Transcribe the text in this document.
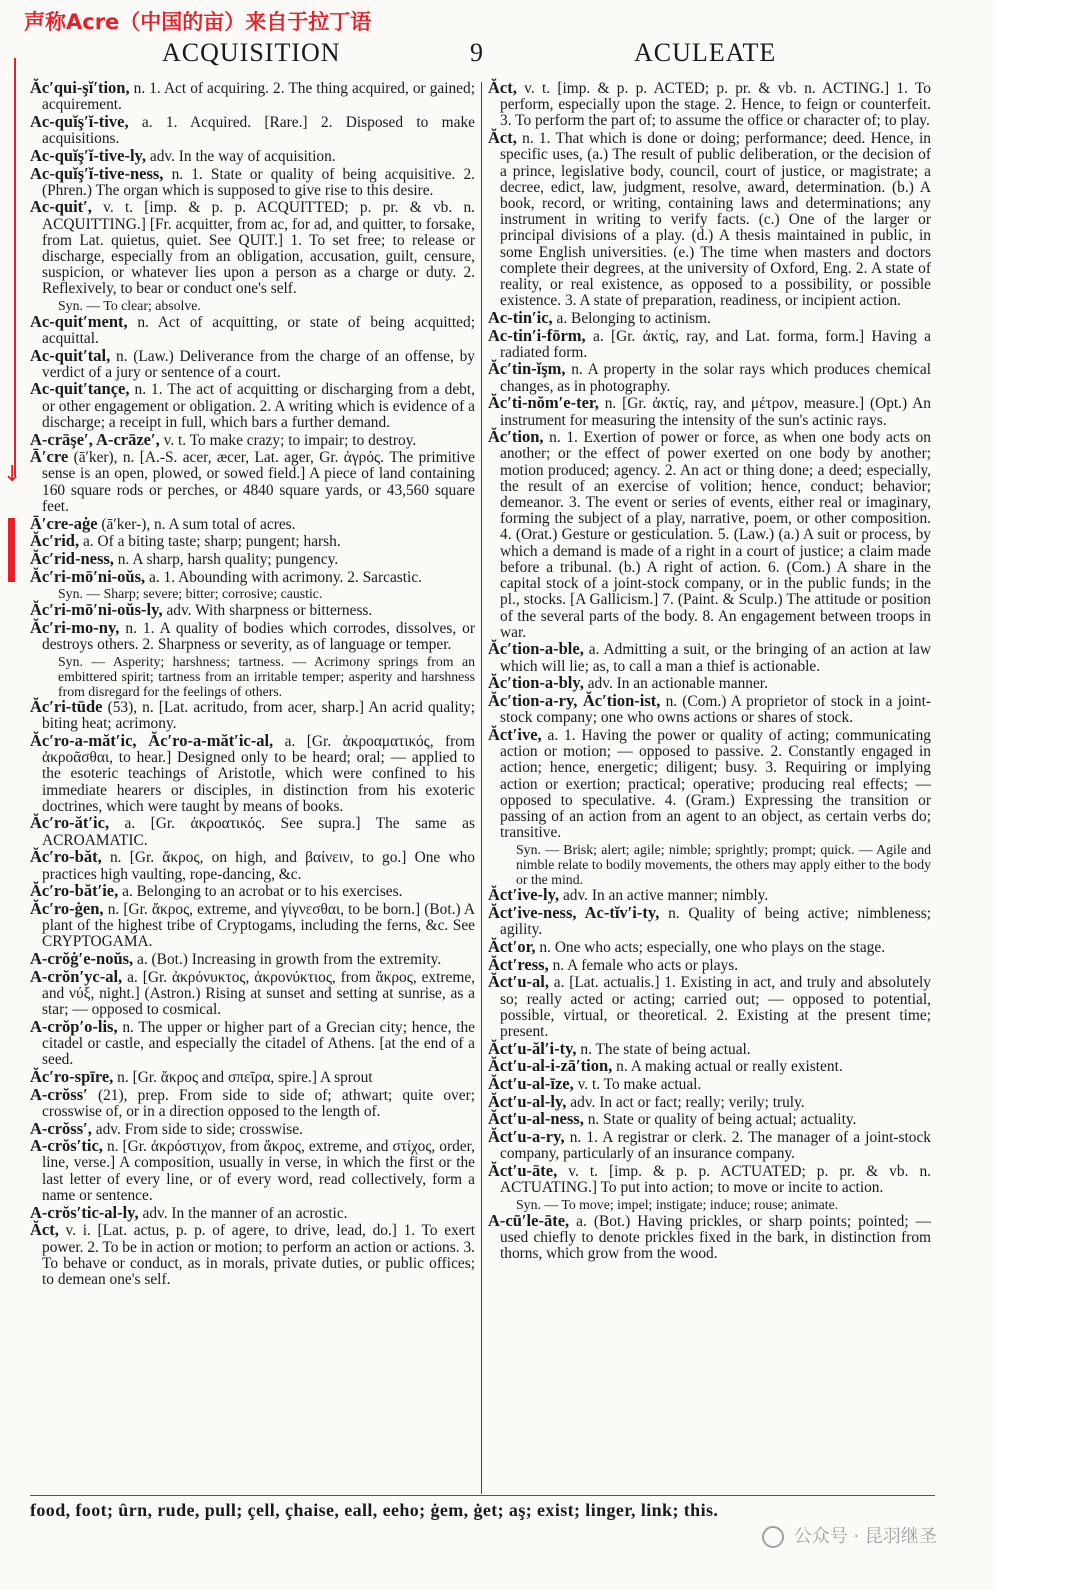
声称Acre（中国的亩）来自于拉丁语
↓
ACQUISITION	9	ACULEATE

Ăc′qui-şĭ′tion, n. 1. Act of acquiring. 2. The thing acquired, or gained; acquirement.

Ac-quĭş′ĭ-tive, a. 1. Acquired. [Rare.] 2. Disposed to make acquisitions.

Ac-quĭş′ĭ-tive-ly, adv. In the way of acquisition.

Ac-quĭş′ĭ-tive-ness, n. 1. State or quality of being acquisitive. 2. (Phren.) The organ which is supposed to give rise to this desire.

Ac-quit′, v. t. [imp. & p. p. ACQUITTED; p. pr. & vb. n. ACQUITTING.] [Fr. acquitter, from ac, for ad, and quitter, to forsake, from Lat. quietus, quiet. See QUIT.] 1. To set free; to release or discharge, especially from an obligation, accusation, guilt, censure, suspicion, or whatever lies upon a person as a charge or duty. 2. Reflexively, to bear or conduct one's self.

Syn. — To clear; absolve.

Ac-quit′ment, n. Act of acquitting, or state of being acquitted; acquittal.

Ac-quit′tal, n. (Law.) Deliverance from the charge of an offense, by verdict of a jury or sentence of a court.

Ac-quit′tançe, n. 1. The act of acquitting or discharging from a debt, or other engagement or obligation. 2. A writing which is evidence of a discharge; a receipt in full, which bars a further demand.

A-crāşe′, A-crāze′, v. t. To make crazy; to impair; to destroy.

Ā′cre (ā′ker), n. [A.-S. acer, æcer, Lat. ager, Gr. ἀγρός. The primitive sense is an open, plowed, or sowed field.] A piece of land containing 160 square rods or perches, or 4840 square yards, or 43,560 square feet.

Ā′cre-aġe (ā′ker-), n. A sum total of acres.

Ăc′rid, a. Of a biting taste; sharp; pungent; harsh.

Ăc′rid-ness, n. A sharp, harsh quality; pungency.

Ăc′ri-mō′ni-oŭs, a. 1. Abounding with acrimony. 2. Sarcastic.

Syn. — Sharp; severe; bitter; corrosive; caustic.

Ăc′ri-mō′ni-oŭs-ly, adv. With sharpness or bitterness.

Ăc′ri-mo-ny, n. 1. A quality of bodies which corrodes, dissolves, or destroys others. 2. Sharpness or severity, as of language or temper.

Syn. — Asperity; harshness; tartness. — Acrimony springs from an embittered spirit; tartness from an irritable temper; asperity and harshness from disregard for the feelings of others.

Ăc′ri-tūde (53), n. [Lat. acritudo, from acer, sharp.] An acrid quality; biting heat; acrimony.

Ăc′ro-a-măt′ic, Ăc′ro-a-măt′ic-al, a. [Gr. ἀκροαματικός, from ἀκροᾶσθαι, to hear.] Designed only to be heard; oral; — applied to the esoteric teachings of Aristotle, which were confined to his immediate hearers or disciples, in distinction from his exoteric doctrines, which were taught by means of books.

Ăc′ro-ăt′ic, a. [Gr. ἀκροατικός. See supra.] The same as ACROAMATIC.

Ăc′ro-băt, n. [Gr. ἄκρος, on high, and βαίνειν, to go.] One who practices high vaulting, rope-dancing, &c.

Ăc′ro-băt′ie, a. Belonging to an acrobat or to his exercises.

Ăc′ro-ġen, n. [Gr. ἄκρος, extreme, and γίγνεσθαι, to be born.] (Bot.) A plant of the highest tribe of Cryptogams, including the ferns, &c. See CRYPTOGAMA.

A-crŏġ′e-noŭs, a. (Bot.) Increasing in growth from the extremity.

A-crŏn′yc-al, a. [Gr. ἀκρόνυκτος, ἀκρονύκτιος, from ἄκρος, extreme, and νύξ, night.] (Astron.) Rising at sunset and setting at sunrise, as a star; — opposed to cosmical.

A-crŏp′o-lis, n. The upper or higher part of a Grecian city; hence, the citadel or castle, and especially the citadel of Athens. [at the end of a seed.

Ăc′ro-spīre, n. [Gr. ἄκρος and σπεῖρα, spire.] A sprout

A-crŏss′ (21), prep. From side to side of; athwart; quite over; crosswise of, or in a direction opposed to the length of.

A-crŏss′, adv. From side to side; crosswise.

A-crŏs′tic, n. [Gr. ἀκρόστιχον, from ἄκρος, extreme, and στίχος, order, line, verse.] A composition, usually in verse, in which the first or the last letter of every line, or of every word, read collectively, form a name or sentence.

A-crŏs′tic-al-ly, adv. In the manner of an acrostic.

Ăct, v. i. [Lat. actus, p. p. of agere, to drive, lead, do.] 1. To exert power. 2. To be in action or motion; to perform an action or actions. 3. To behave or conduct, as in morals, private duties, or public offices; to demean one's self.

Ăct, v. t. [imp. & p. p. ACTED; p. pr. & vb. n. ACTING.] 1. To perform, especially upon the stage. 2. Hence, to feign or counterfeit. 3. To perform the part of; to assume the office or character of; to play.

Ăct, n. 1. That which is done or doing; performance; deed. Hence, in specific uses, (a.) The result of public deliberation, or the decision of a prince, legislative body, council, court of justice, or magistrate; a decree, edict, law, judgment, resolve, award, determination. (b.) A book, record, or writing, containing laws and determinations; any instrument in writing to verify facts. (c.) One of the larger or principal divisions of a play. (d.) A thesis maintained in public, in some English universities. (e.) The time when masters and doctors complete their degrees, at the university of Oxford, Eng. 2. A state of reality, or real existence, as opposed to a possibility, or possible existence. 3. A state of preparation, readiness, or incipient action.

Ac-tin′ic, a. Belonging to actinism.

Ac-tin′i-fōrm, a. [Gr. ἀκτίς, ray, and Lat. forma, form.] Having a radiated form.

Ăc′tin-ĭşm, n. A property in the solar rays which produces chemical changes, as in photography.

Ăc′ti-nŏm′e-ter, n. [Gr. ἀκτίς, ray, and μέτρον, measure.] (Opt.) An instrument for measuring the intensity of the sun's actinic rays.

Ăc′tion, n. 1. Exertion of power or force, as when one body acts on another; or the effect of power exerted on one body by another; motion produced; agency. 2. An act or thing done; a deed; especially, the result of an exercise of volition; hence, conduct; behavior; demeanor. 3. The event or series of events, either real or imaginary, forming the subject of a play, narrative, poem, or other composition. 4. (Orat.) Gesture or gesticulation. 5. (Law.) (a.) A suit or process, by which a demand is made of a right in a court of justice; a claim made before a tribunal. (b.) A right of action. 6. (Com.) A share in the capital stock of a joint-stock company, or in the public funds; in the pl., stocks. [A Gallicism.] 7. (Paint. & Sculp.) The attitude or position of the several parts of the body. 8. An engagement between troops in war.

Ăc′tion-a-ble, a. Admitting a suit, or the bringing of an action at law which will lie; as, to call a man a thief is actionable.

Ăc′tion-a-bly, adv. In an actionable manner.

Ăc′tion-a-ry, Ăc′tion-ist, n. (Com.) A proprietor of stock in a joint-stock company; one who owns actions or shares of stock.

Ăct′ive, a. 1. Having the power or quality of acting; communicating action or motion; — opposed to passive. 2. Constantly engaged in action; hence, energetic; diligent; busy. 3. Requiring or implying action or exertion; practical; operative; producing real effects; — opposed to speculative. 4. (Gram.) Expressing the transition or passing of an action from an agent to an object, as certain verbs do; transitive.

Syn. — Brisk; alert; agile; nimble; sprightly; prompt; quick. — Agile and nimble relate to bodily movements, the others may apply either to the body or the mind.

Ăct′ive-ly, adv. In an active manner; nimbly.

Ăct′ive-ness, Ac-tĭv′i-ty, n. Quality of being active; nimbleness; agility.

Ăct′or, n. One who acts; especially, one who plays on the stage.

Ăct′ress, n. A female who acts or plays.

Ăct′u-al, a. [Lat. actualis.] 1. Existing in act, and truly and absolutely so; really acted or acting; carried out; — opposed to potential, possible, virtual, or theoretical. 2. Existing at the present time; present.

Ăct′u-ăl′i-ty, n. The state of being actual.

Ăct′u-al-i-zā′tion, n. A making actual or really existent.

Ăct′u-al-īze, v. t. To make actual.

Ăct′u-al-ly, adv. In act or fact; really; verily; truly.

Ăct′u-al-ness, n. State or quality of being actual; actuality.

Ăct′u-a-ry, n. 1. A registrar or clerk. 2. The manager of a joint-stock company, particularly of an insurance company.

Ăct′u-āte, v. t. [imp. & p. p. ACTUATED; p. pr. & vb. n. ACTUATING.] To put into action; to move or incite to action.

Syn. — To move; impel; instigate; induce; rouse; animate.

A-cū′le-āte, a. (Bot.) Having prickles, or sharp points; pointed; — used chiefly to denote prickles fixed in the bark, in distinction from thorns, which grow from the wood.

food, foot; ûrn, rude, pull; çell, çhaise, eall, eeho; ġem, ġet; aş; exist; linger, link; this.
公众号 · 昆羽继圣
